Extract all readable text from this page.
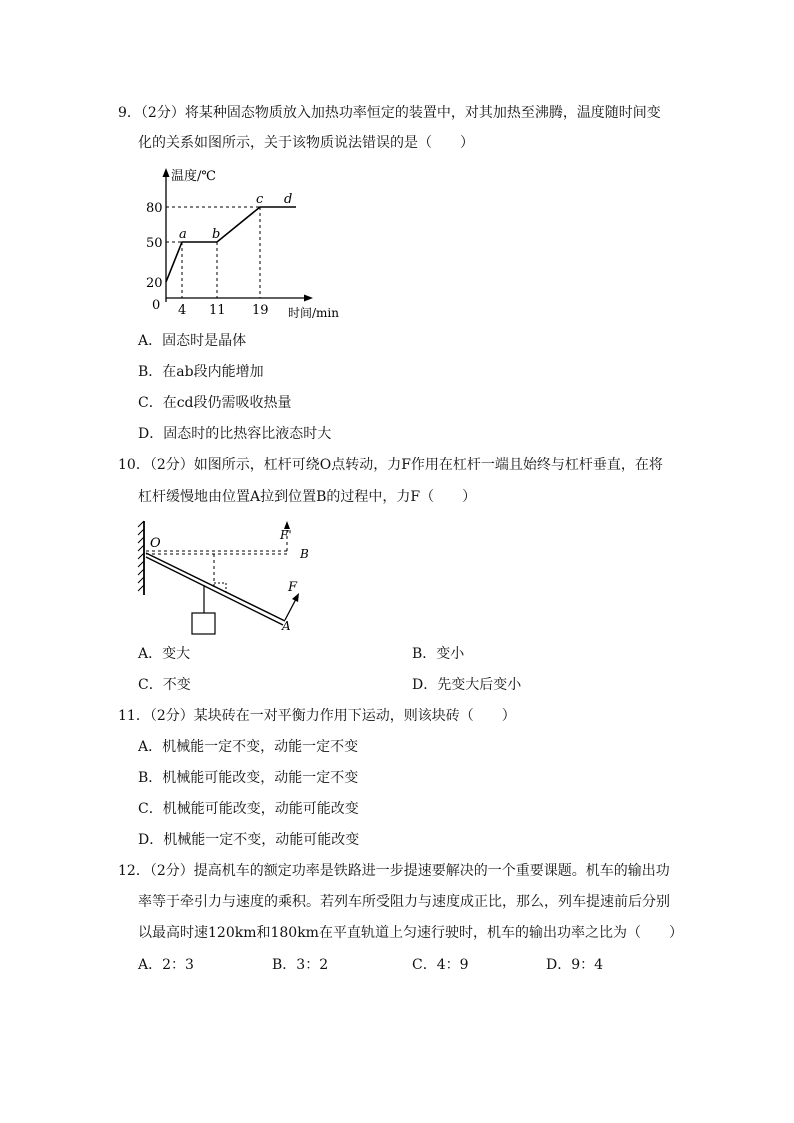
9．（2分）将某种固态物质放入加热功率恒定的装置中，对其加热至沸腾，温度随时间变
化的关系如图所示，关于该物质说法错误的是（　　）
温度/℃
时间/min
0
20
50
80
4 11 19
a b
c d
A．固态时是晶体
B．在ab段内能增加
C．在cd段仍需吸收热量
D．固态时的比热容比液态时大
10．（2分）如图所示，杠杆可绕O点转动，力F作用在杠杆一端且始终与杠杆垂直，在将
杠杆缓慢地由位置A拉到位置B的过程中，力F（　　）
O
B
A
F'
F
A．变大	B．变小
C．不变	D．先变大后变小
11．（2分）某块砖在一对平衡力作用下运动，则该块砖（　　）
A．机械能一定不变，动能一定不变
B．机械能可能改变，动能一定不变
C．机械能可能改变，动能可能改变
D．机械能一定不变，动能可能改变
12．（2分）提高机车的额定功率是铁路进一步提速要解决的一个重要课题。机车的输出功
率等于牵引力与速度的乘积。若列车所受阻力与速度成正比，那么，列车提速前后分别
以最高时速120km和180km在平直轨道上匀速行驶时，机车的输出功率之比为（　　）
A．2：3	B．3：2	C．4：9	D．9：4
